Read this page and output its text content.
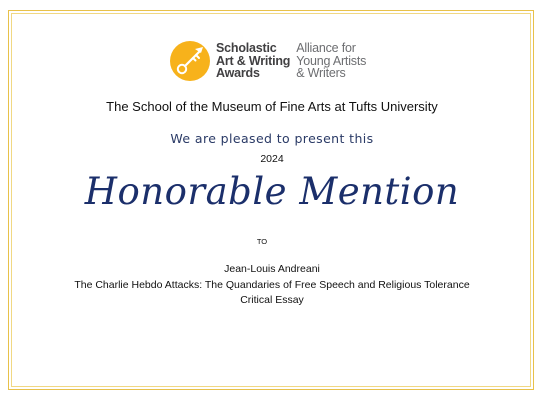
Scholastic
Art & Writing
Awards
Alliance for
Young Artists
& Writers
The School of the Museum of Fine Arts at Tufts University
We are pleased to present this
2024
Honorable Mention
TO
Jean-Louis Andreani
The Charlie Hebdo Attacks: The Quandaries of Free Speech and Religious Tolerance
Critical Essay
